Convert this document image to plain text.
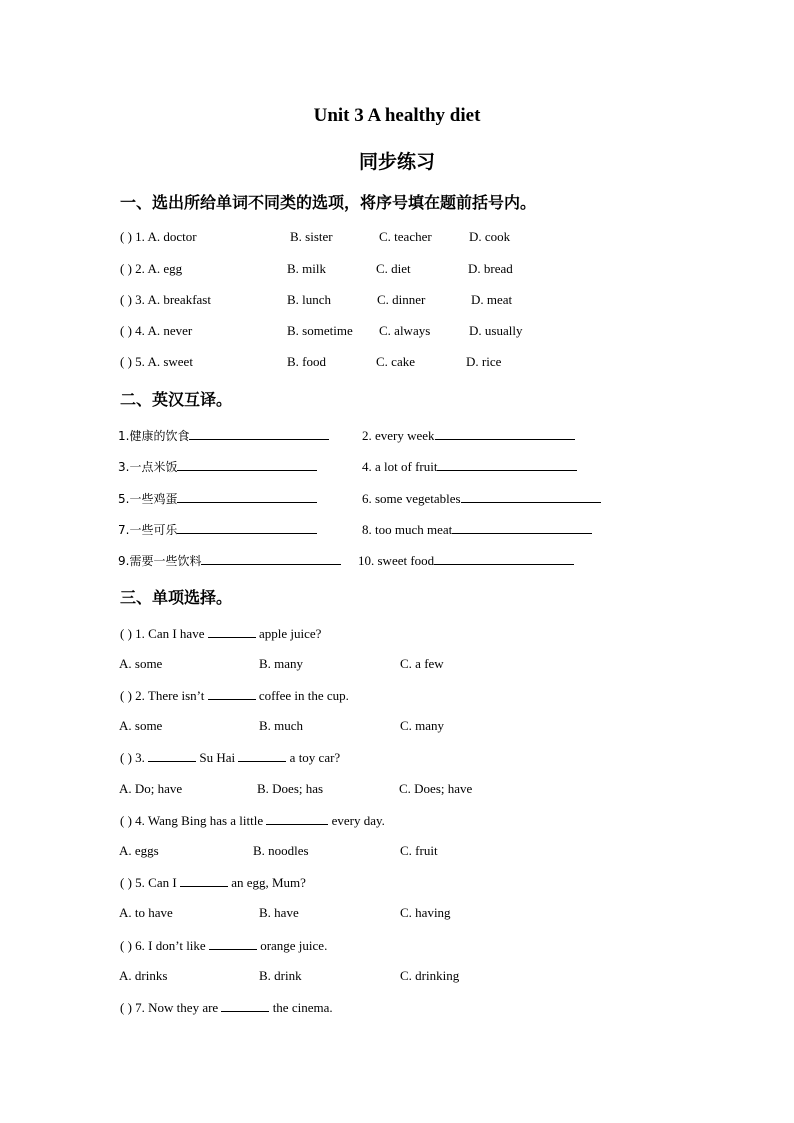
Unit 3 A healthy diet
同步练习
一、选出所给单词不同类的选项，将序号填在题前括号内。
( ) 1. A. doctor	B. sister	C. teacher	D. cook
( ) 2. A. egg	B. milk	C. diet	D. bread
( ) 3. A. breakfast	B. lunch	C. dinner	D. meat
( ) 4. A. never	B. sometime C. always	D. usually
( ) 5. A. sweet	B. food	C. cake	D. rice
二、英汉互译。
1.健康的饮食	2. every week
3.一点米饭	4. a lot of fruit
5.一些鸡蛋	6. some vegetables
7.一些可乐	8. too much meat
9.需要一些饮料	10. sweet food
三、单项选择。
( ) 1. Can I have	apple juice?
A. some	B. many	C. a few
( ) 2. There isn’t	coffee in the cup.
A. some	B. much	C. many
( ) 3.	Su Hai	a toy car?
A. Do; have	B. Does; has	C. Does; have
( ) 4. Wang Bing has a little	every day.
A. eggs	B. noodles	C. fruit
( ) 5. Can I	an egg, Mum?
A. to have	B. have	C. having
( ) 6. I don’t like	orange juice.
A. drinks	B. drink	C. drinking
( ) 7. Now they are	the cinema.
